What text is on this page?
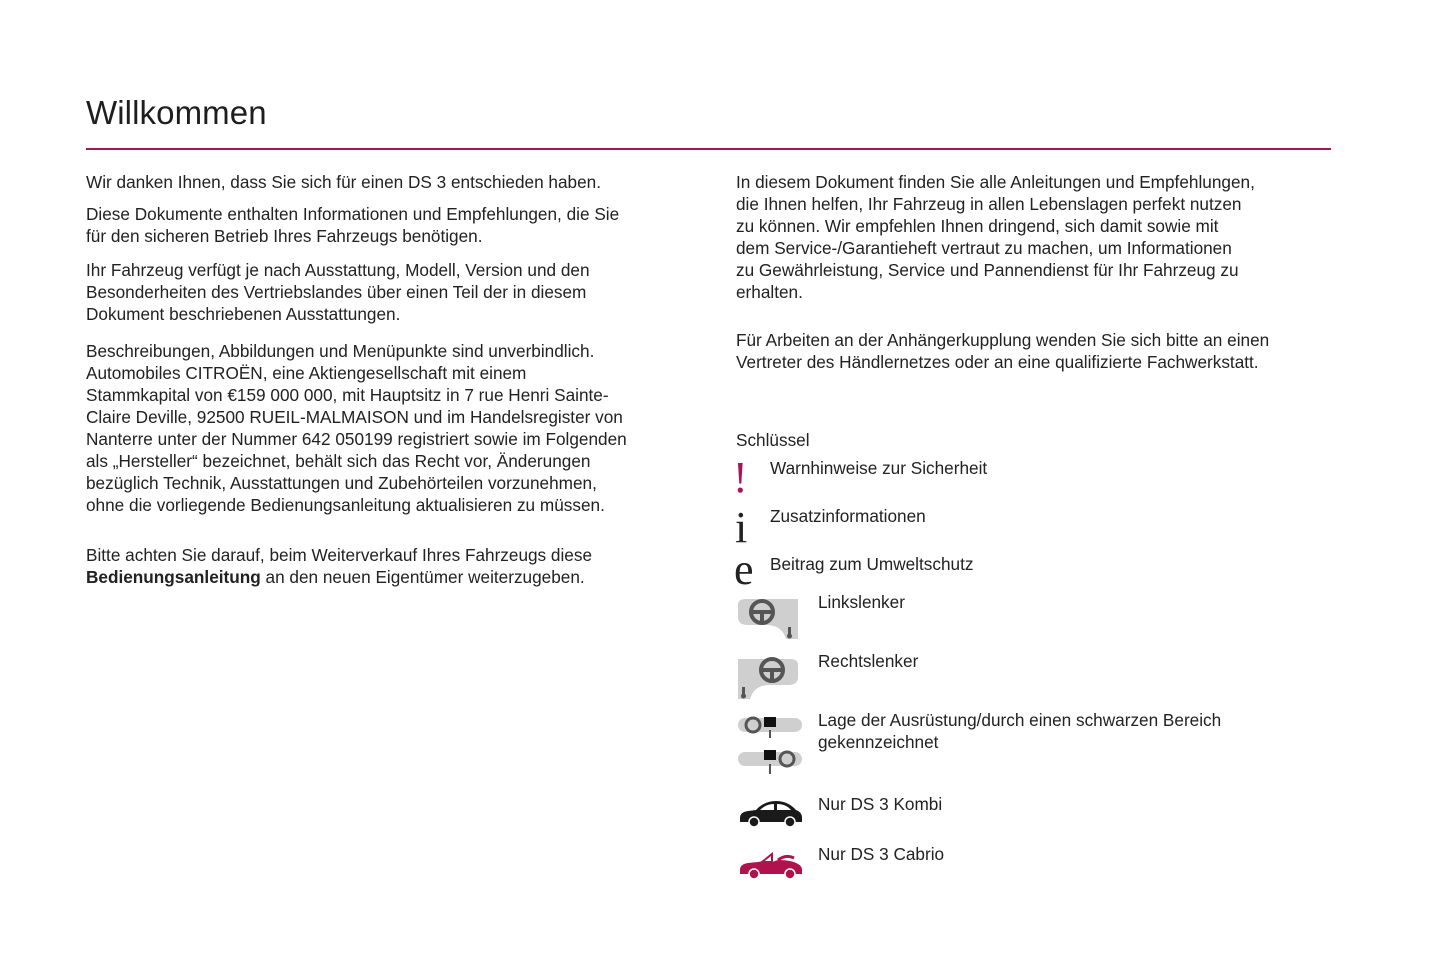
Willkommen

Wir danken Ihnen, dass Sie sich für einen DS 3 entschieden haben.

Diese Dokumente enthalten Informationen und Empfehlungen, die Sie
für den sicheren Betrieb Ihres Fahrzeugs benötigen.

Ihr Fahrzeug verfügt je nach Ausstattung, Modell, Version und den
Besonderheiten des Vertriebslandes über einen Teil der in diesem
Dokument beschriebenen Ausstattungen.

Beschreibungen, Abbildungen und Menüpunkte sind unverbindlich.
Automobiles CITROËN, eine Aktiengesellschaft mit einem
Stammkapital von €159 000 000, mit Hauptsitz in 7 rue Henri Sainte-
Claire Deville, 92500 RUEIL-MALMAISON und im Handelsregister von
Nanterre unter der Nummer 642 050199 registriert sowie im Folgenden
als „Hersteller“ bezeichnet, behält sich das Recht vor, Änderungen
bezüglich Technik, Ausstattungen und Zubehörteilen vorzunehmen,
ohne die vorliegende Bedienungsanleitung aktualisieren zu müssen.

Bitte achten Sie darauf, beim Weiterverkauf Ihres Fahrzeugs diese
Bedienungsanleitung an den neuen Eigentümer weiterzugeben.

In diesem Dokument finden Sie alle Anleitungen und Empfehlungen,
die Ihnen helfen, Ihr Fahrzeug in allen Lebenslagen perfekt nutzen
zu können. Wir empfehlen Ihnen dringend, sich damit sowie mit
dem Service-/Garantieheft vertraut zu machen, um Informationen
zu Gewährleistung, Service und Pannendienst für Ihr Fahrzeug zu
erhalten.

Für Arbeiten an der Anhängerkupplung wenden Sie sich bitte an einen
Vertreter des Händlernetzes oder an eine qualifizierte Fachwerkstatt.

Schlüssel
! Warnhinweise zur Sicherheit
i Zusatzinformationen
e Beitrag zum Umweltschutz
Linkslenker
Rechtslenker
Lage der Ausrüstung/durch einen schwarzen Bereich
gekennzeichnet
Nur DS 3 Kombi
Nur DS 3 Cabrio
